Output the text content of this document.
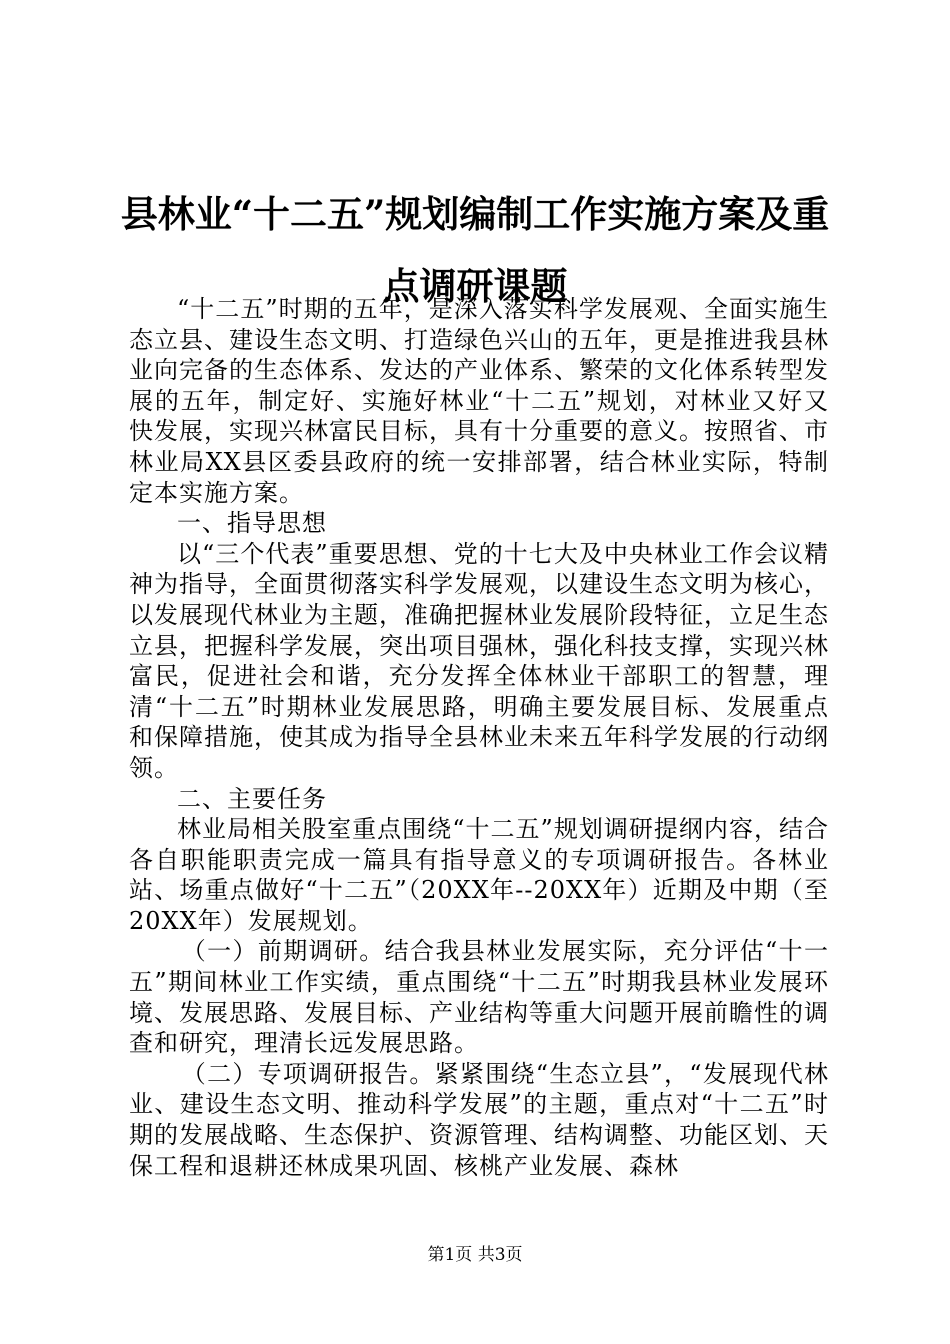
县林业“十二五”规划编制工作实施方案及重点调研课题

“十二五”时期的五年，是深入落实科学发展观、全面实施生态立县、建设生态文明、打造绿色兴山的五年，更是推进我县林业向完备的生态体系、发达的产业体系、繁荣的文化体系转型发展的五年，制定好、实施好林业“十二五”规划，对林业又好又快发展，实现兴林富民目标，具有十分重要的意义。按照省、市林业局XX县区委县政府的统一安排部署，结合林业实际，特制定本实施方案。

一、指导思想

以“三个代表”重要思想、党的十七大及中央林业工作会议精神为指导，全面贯彻落实科学发展观，以建设生态文明为核心，以发展现代林业为主题，准确把握林业发展阶段特征，立足生态立县，把握科学发展，突出项目强林，强化科技支撑，实现兴林富民，促进社会和谐，充分发挥全体林业干部职工的智慧，理清“十二五”时期林业发展思路，明确主要发展目标、发展重点和保障措施，使其成为指导全县林业未来五年科学发展的行动纲领。

二、主要任务

林业局相关股室重点围绕“十二五”规划调研提纲内容，结合各自职能职责完成一篇具有指导意义的专项调研报告。各林业站、场重点做好“十二五”（20XX年--20XX年）近期及中期（至20XX年）发展规划。

（一）前期调研。结合我县林业发展实际，充分评估“十一五”期间林业工作实绩，重点围绕“十二五”时期我县林业发展环境、发展思路、发展目标、产业结构等重大问题开展前瞻性的调查和研究，理清长远发展思路。

（二）专项调研报告。紧紧围绕“生态立县”，“发展现代林业、建设生态文明、推动科学发展”的主题，重点对“十二五”时期的发展战略、生态保护、资源管理、结构调整、功能区划、天保工程和退耕还林成果巩固、核桃产业发展、森林

第1页 共3页
